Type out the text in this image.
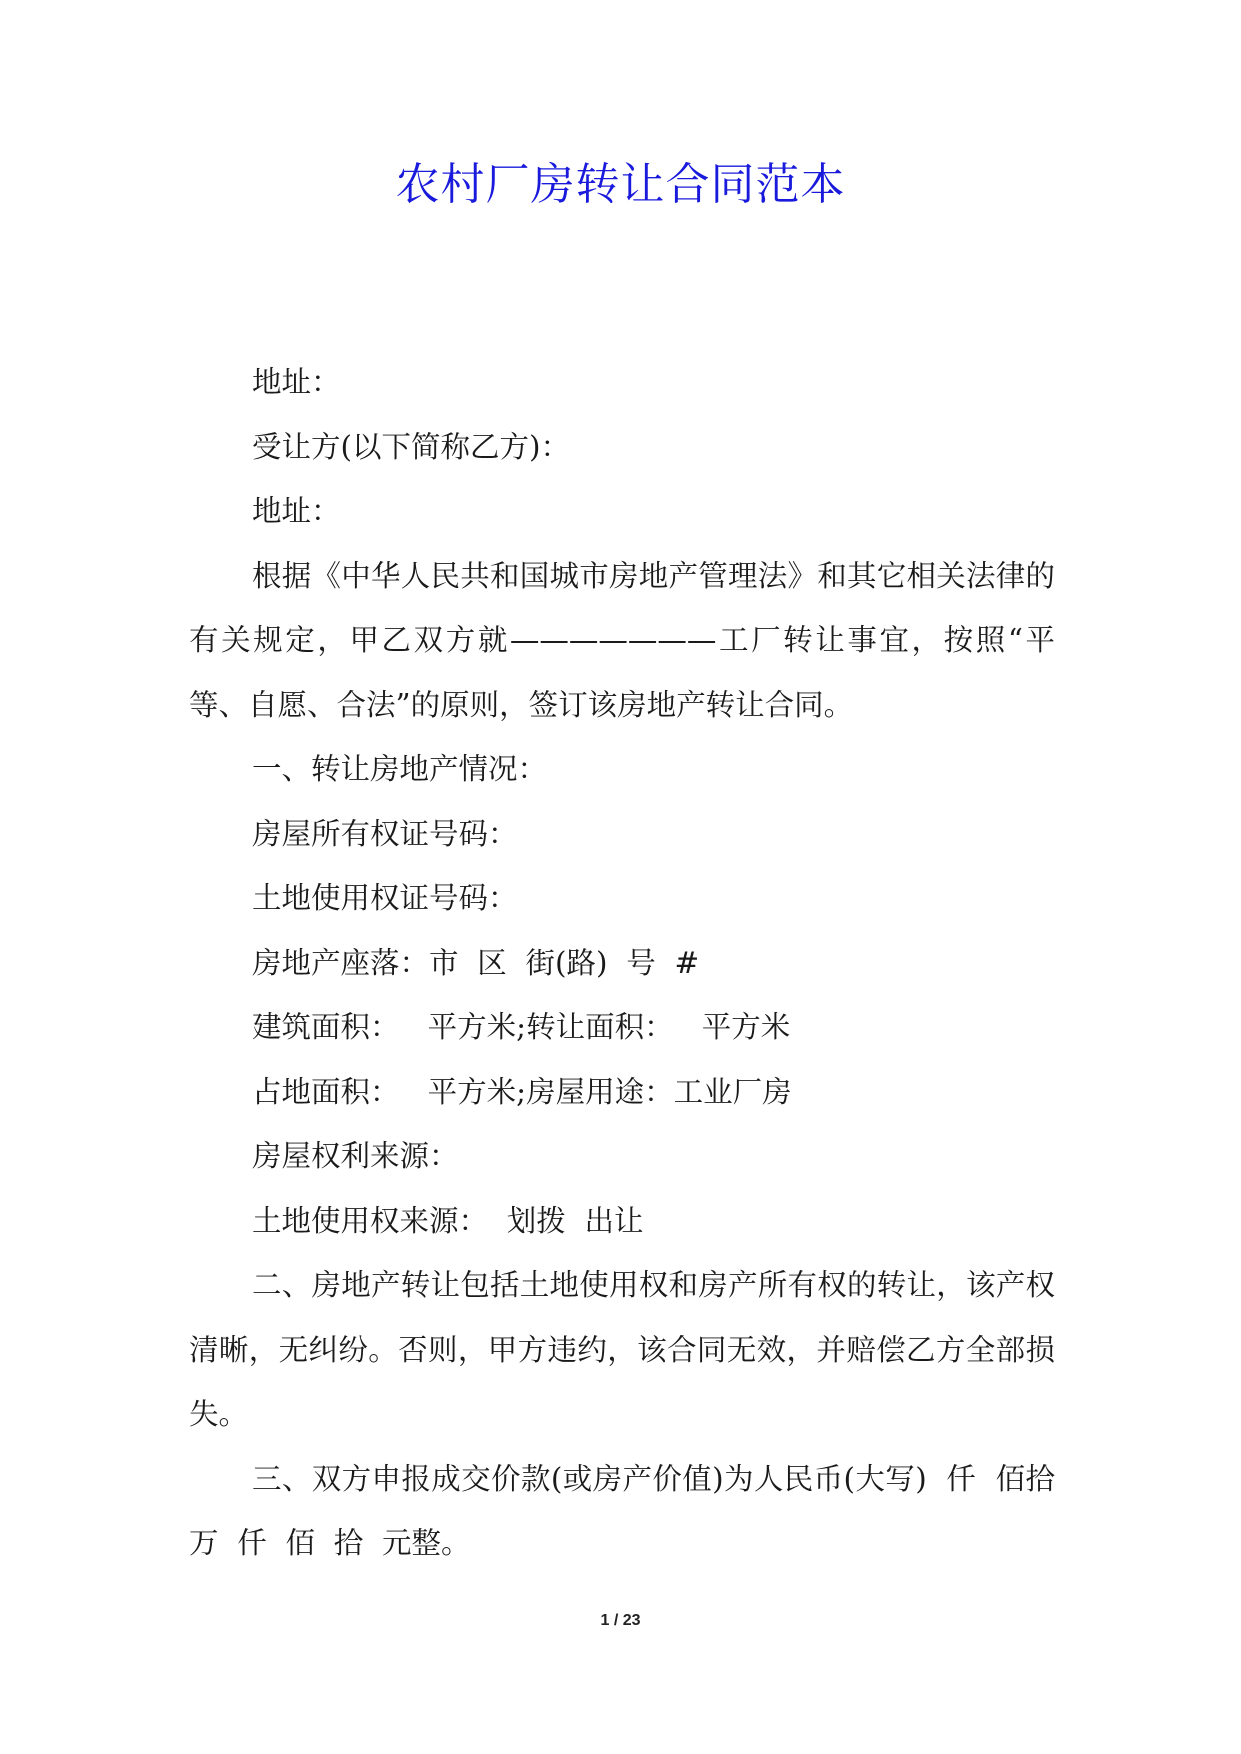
农村厂房转让合同范本

地址：

受让方(以下简称乙方)：

地址：

根据《中华人民共和国城市房地产管理法》和其它相关法律的有关规定，甲乙双方就———————工厂转让事宜，按照“平等、自愿、合法”的原则，签订该房地产转让合同。

一、转让房地产情况：

房屋所有权证号码：

土地使用权证号码：

房地产座落：市  区  街(路)  号  #

建筑面积：   平方米;转让面积：   平方米

占地面积：   平方米;房屋用途：工业厂房

房屋权利来源：

土地使用权来源：  划拨  出让

二、房地产转让包括土地使用权和房产所有权的转让，该产权清晰，无纠纷。否则，甲方违约，该合同无效，并赔偿乙方全部损失。

三、双方申报成交价款(或房产价值)为人民币(大写)  仟  佰拾  万  仟  佰  拾  元整。

1 / 23
